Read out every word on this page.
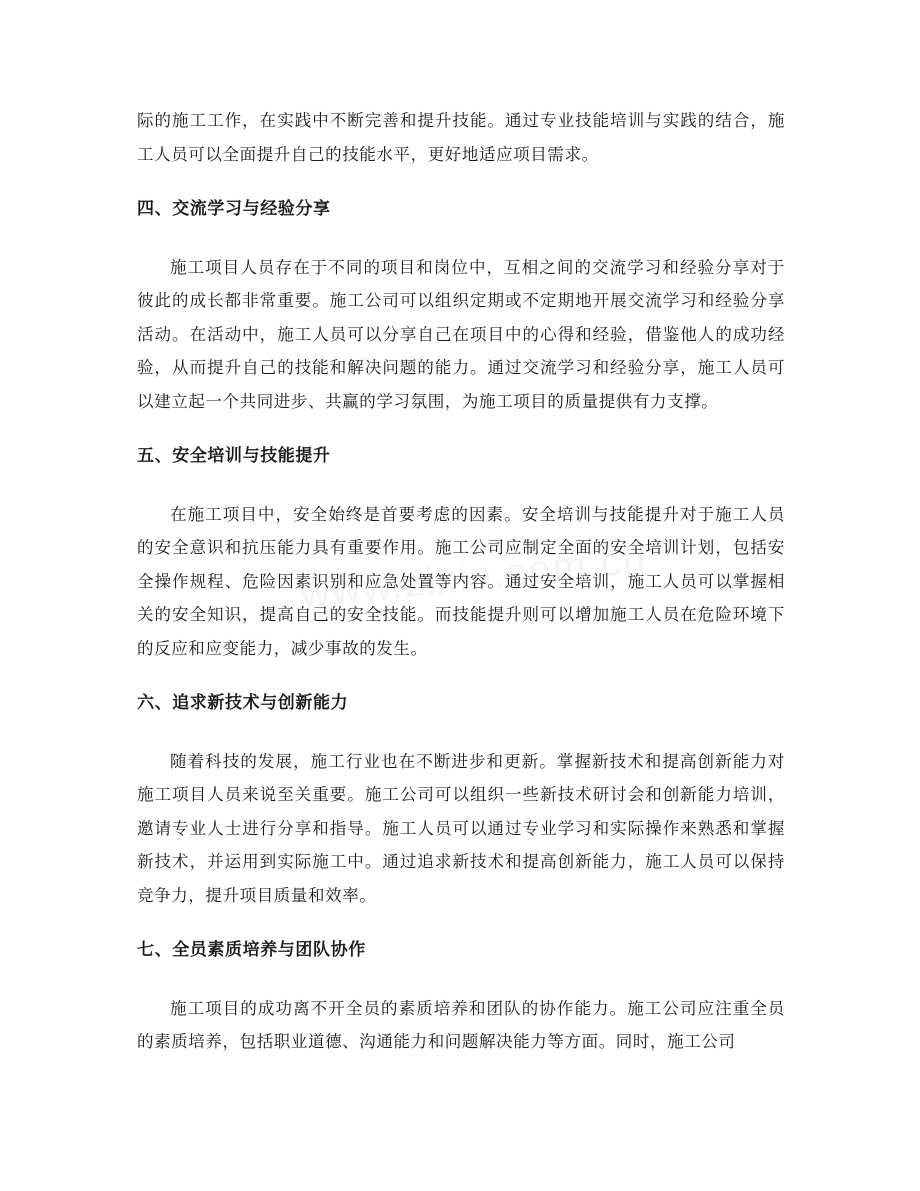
际的施工工作，在实践中不断完善和提升技能。通过专业技能培训与实践的结合，施工人员可以全面提升自己的技能水平，更好地适应项目需求。

四、交流学习与经验分享

施工项目人员存在于不同的项目和岗位中，互相之间的交流学习和经验分享对于彼此的成长都非常重要。施工公司可以组织定期或不定期地开展交流学习和经验分享活动。在活动中，施工人员可以分享自己在项目中的心得和经验，借鉴他人的成功经验，从而提升自己的技能和解决问题的能力。通过交流学习和经验分享，施工人员可以建立起一个共同进步、共赢的学习氛围，为施工项目的质量提供有力支撑。

五、安全培训与技能提升

在施工项目中，安全始终是首要考虑的因素。安全培训与技能提升对于施工人员的安全意识和抗压能力具有重要作用。施工公司应制定全面的安全培训计划，包括安全操作规程、危险因素识别和应急处置等内容。通过安全培训，施工人员可以掌握相关的安全知识，提高自己的安全技能。而技能提升则可以增加施工人员在危险环境下的反应和应变能力，减少事故的发生。

六、追求新技术与创新能力

随着科技的发展，施工行业也在不断进步和更新。掌握新技术和提高创新能力对施工项目人员来说至关重要。施工公司可以组织一些新技术研讨会和创新能力培训，邀请专业人士进行分享和指导。施工人员可以通过专业学习和实际操作来熟悉和掌握新技术，并运用到实际施工中。通过追求新技术和提高创新能力，施工人员可以保持竞争力，提升项目质量和效率。

七、全员素质培养与团队协作

施工项目的成功离不开全员的素质培养和团队的协作能力。施工公司应注重全员的素质培养，包括职业道德、沟通能力和问题解决能力等方面。同时，施工公司
